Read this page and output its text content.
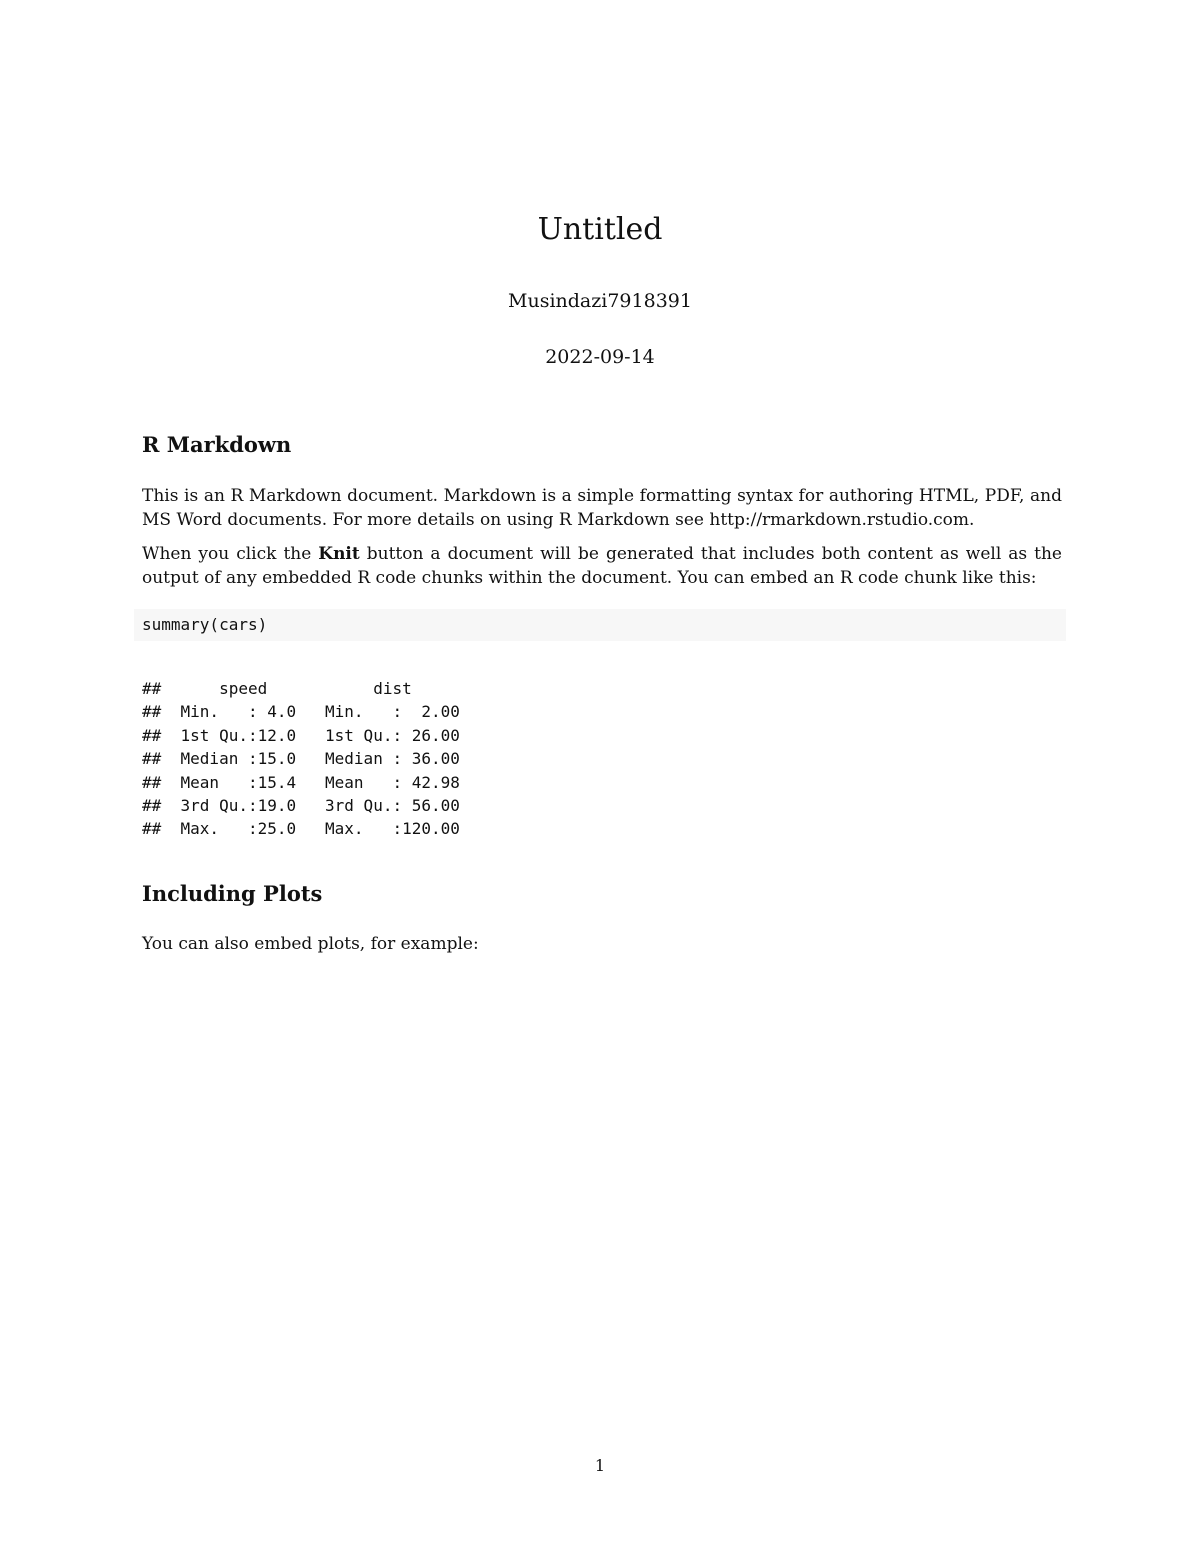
Untitled
Musindazi7918391
2022-09-14
R Markdown

This is an R Markdown document. Markdown is a simple formatting syntax for authoring HTML, PDF, and MS Word documents. For more details on using R Markdown see http://rmarkdown.rstudio.com.

When you click the Knit button a document will be generated that includes both content as well as the output of any embedded R code chunks within the document. You can embed an R code chunk like this:

summary(cars)
##      speed           dist
##  Min.   : 4.0   Min.   :  2.00
##  1st Qu.:12.0   1st Qu.: 26.00
##  Median :15.0   Median : 36.00
##  Mean   :15.4   Mean   : 42.98
##  3rd Qu.:19.0   3rd Qu.: 56.00
##  Max.   :25.0   Max.   :120.00
Including Plots

You can also embed plots, for example:

1
